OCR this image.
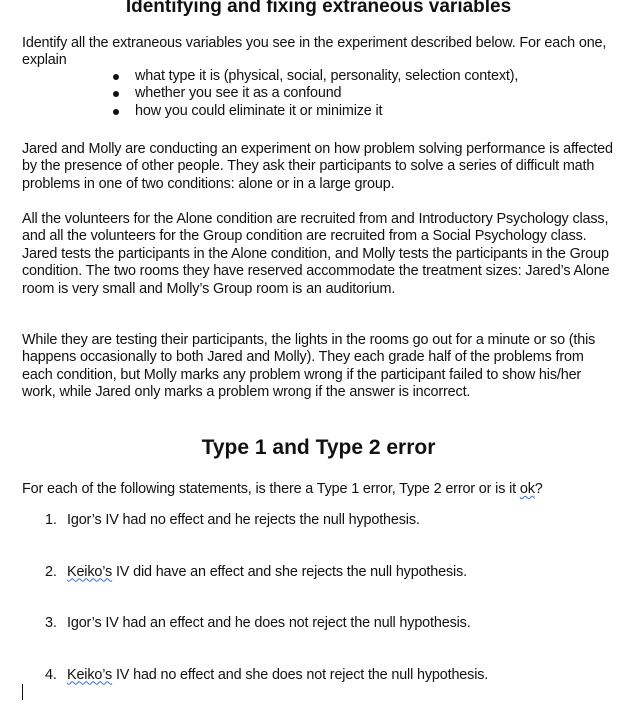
Identifying and fixing extraneous variables

Identify all the extraneous variables you see in the experiment described below. For each one, explain

what type it is (physical, social, personality, selection context),
whether you see it as a confound
how you could eliminate it or minimize it

Jared and Molly are conducting an experiment on how problem solving performance is affected by the presence of other people. They ask their participants to solve a series of difficult math problems in one of two conditions: alone or in a large group.

All the volunteers for the Alone condition are recruited from and Introductory Psychology class, and all the volunteers for the Group condition are recruited from a Social Psychology class. Jared tests the participants in the Alone condition, and Molly tests the participants in the Group condition. The two rooms they have reserved accommodate the treatment sizes: Jared’s Alone room is very small and Molly’s Group room is an auditorium.

While they are testing their participants, the lights in the rooms go out for a minute or so (this happens occasionally to both Jared and Molly). They each grade half of the problems from each condition, but Molly marks any problem wrong if the participant failed to show his/her work, while Jared only marks a problem wrong if the answer is incorrect.

Type 1 and Type 2 error

For each of the following statements, is there a Type 1 error, Type 2 error or is it ok?

1. Igor’s IV had no effect and he rejects the null hypothesis.
2. Keiko’s IV did have an effect and she rejects the null hypothesis.
3. Igor’s IV had an effect and he does not reject the null hypothesis.
4. Keiko’s IV had no effect and she does not reject the null hypothesis.
